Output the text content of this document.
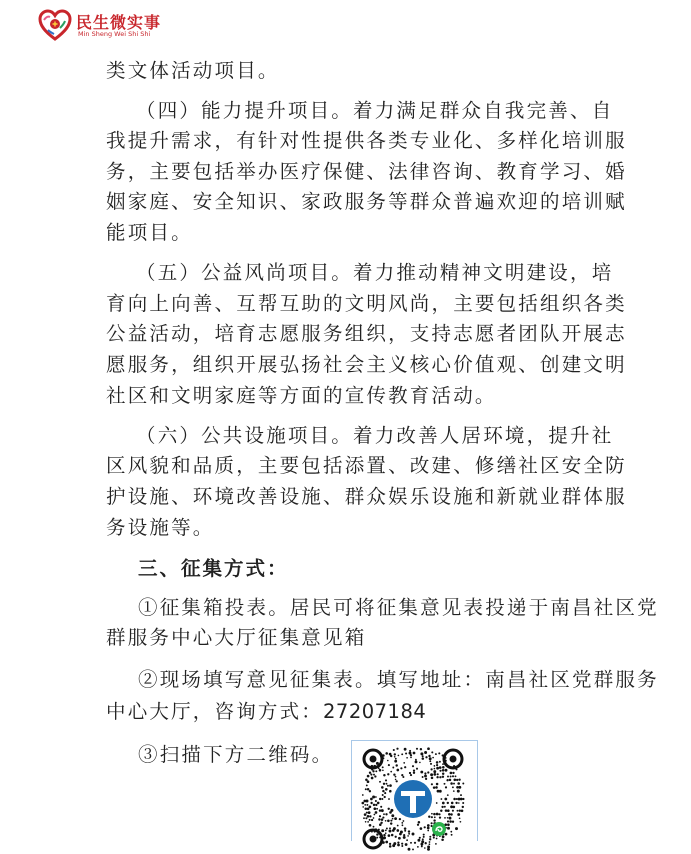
民生微实事
Min Sheng Wei Shi Shi
类文体活动项目。
（四）能力提升项目。着力满足群众自我完善、自
我提升需求，有针对性提供各类专业化、多样化培训服
务，主要包括举办医疗保健、法律咨询、教育学习、婚
姻家庭、安全知识、家政服务等群众普遍欢迎的培训赋
能项目。
（五）公益风尚项目。着力推动精神文明建设，培
育向上向善、互帮互助的文明风尚，主要包括组织各类
公益活动，培育志愿服务组织，支持志愿者团队开展志
愿服务，组织开展弘扬社会主义核心价值观、创建文明
社区和文明家庭等方面的宣传教育活动。
（六）公共设施项目。着力改善人居环境，提升社
区风貌和品质，主要包括添置、改建、修缮社区安全防
护设施、环境改善设施、群众娱乐设施和新就业群体服
务设施等。
三、征集方式：
①征集箱投表。居民可将征集意见表投递于南昌社区党
群服务中心大厅征集意见箱
②现场填写意见征集表。填写地址：南昌社区党群服务
中心大厅，咨询方式：27207184
③扫描下方二维码。
